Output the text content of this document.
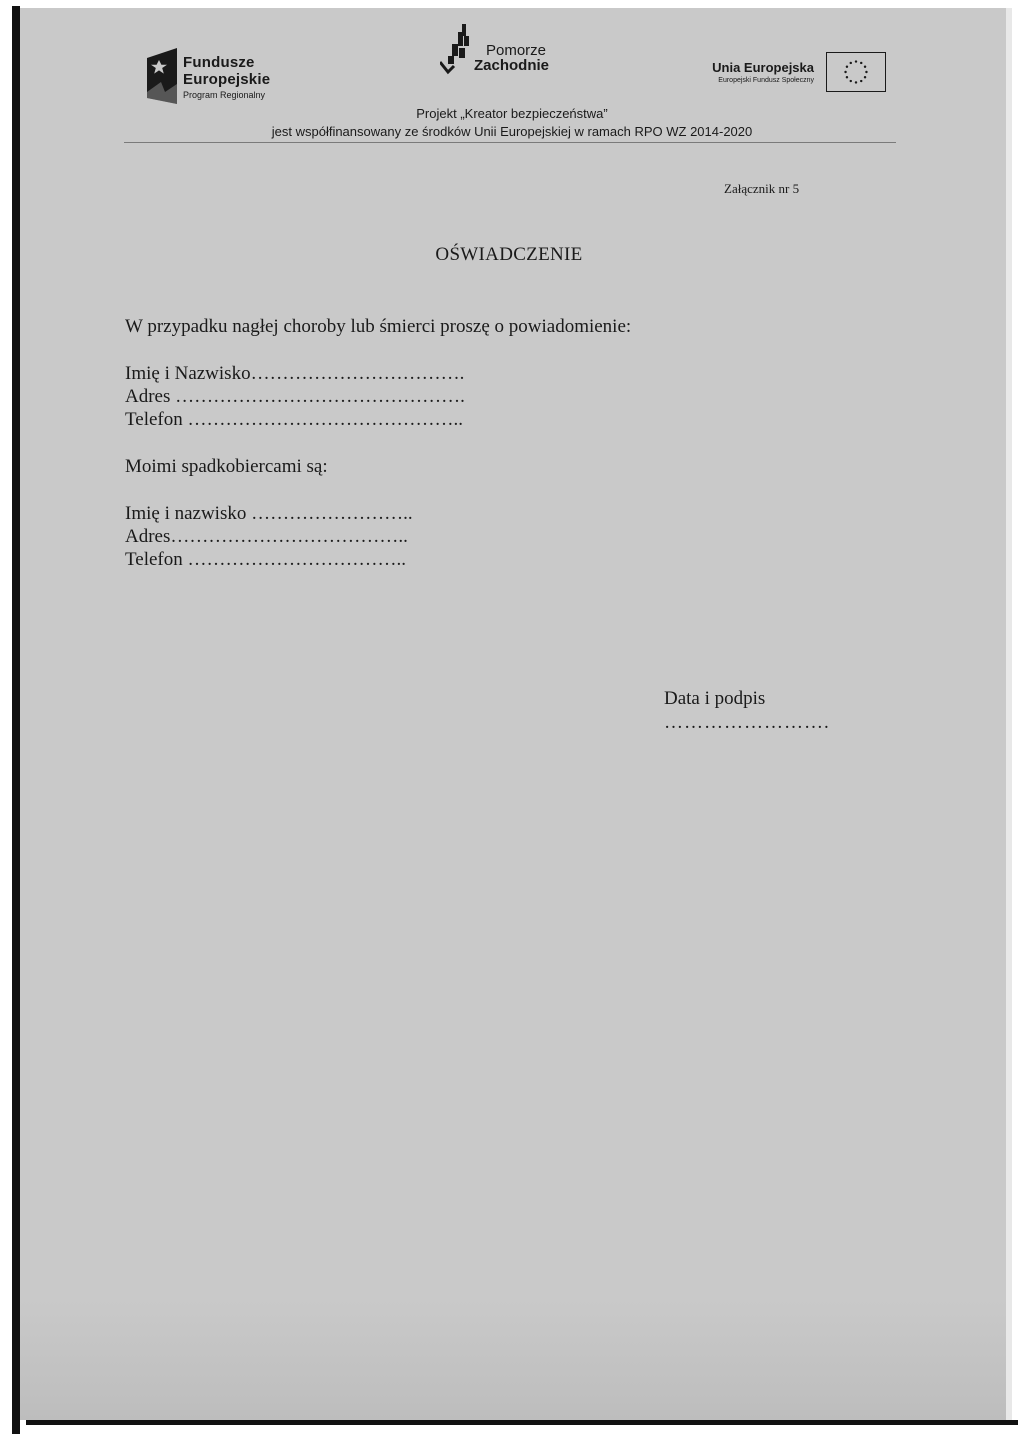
Fundusze
Europejskie
Program Regionalny
Pomorze
Zachodnie	Unia Europejska
Europejski Fundusz Społeczny
Projekt „Kreator bezpieczeństwa”
jest współfinansowany ze środków Unii Europejskiej w ramach RPO WZ 2014-2020
Załącznik nr 5
OŚWIADCZENIE
W przypadku nagłej choroby lub śmierci proszę o powiadomienie:
Imię i Nazwisko…………………………….
Adres ……………………………………….
Telefon ……………………………………..
Moimi spadkobiercami są:
Imię i nazwisko ……………………..
Adres………………………………..
Telefon ……………………………..
Data i podpis
…………………….
